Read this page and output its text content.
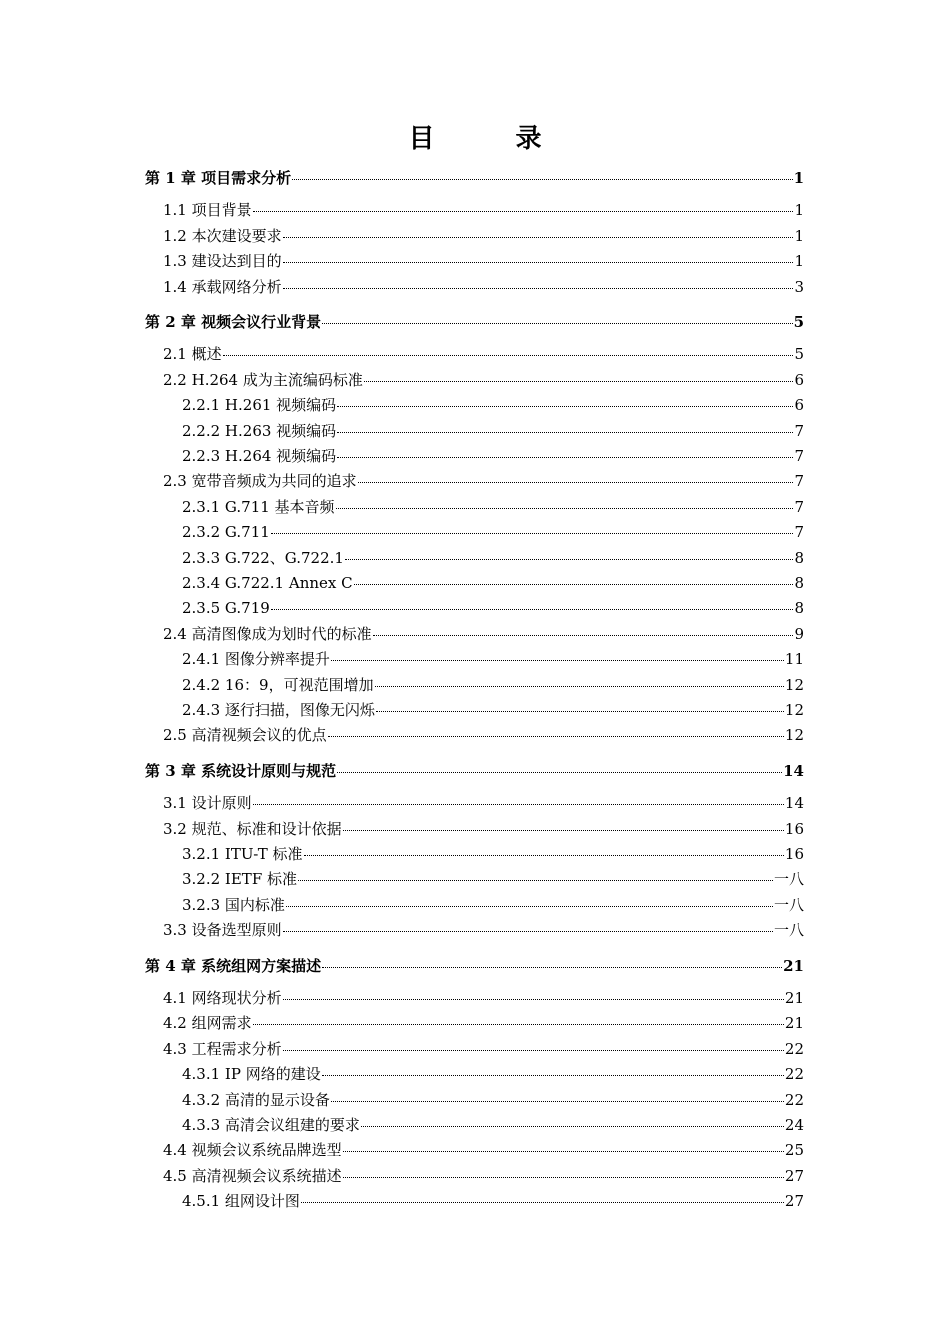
目 录
第 1 章 项目需求分析	1
1.1 项目背景	1
1.2 本次建设要求	1
1.3 建设达到目的	1
1.4 承载网络分析	3
第 2 章 视频会议行业背景	5
2.1 概述	5
2.2 H.264 成为主流编码标准	6
2.2.1 H.261 视频编码	6
2.2.2 H.263 视频编码	7
2.2.3 H.264 视频编码	7
2.3 宽带音频成为共同的追求	7
2.3.1 G.711 基本音频	7
2.3.2 G.711	7
2.3.3 G.722、G.722.1	8
2.3.4 G.722.1 Annex C	8
2.3.5 G.719	8
2.4 高清图像成为划时代的标准	9
2.4.1 图像分辨率提升	11
2.4.2 16：9，可视范围增加	12
2.4.3 逐行扫描，图像无闪烁	12
2.5 高清视频会议的优点	12
第 3 章 系统设计原则与规范	14
3.1 设计原则	14
3.2 规范、标准和设计依据	16
3.2.1 ITU-T 标准	16
3.2.2 IETF 标准	一八
3.2.3 国内标准	一八
3.3 设备选型原则	一八
第 4 章 系统组网方案描述	21
4.1 网络现状分析	21
4.2 组网需求	21
4.3 工程需求分析	22
4.3.1 IP 网络的建设	22
4.3.2 高清的显示设备	22
4.3.3 高清会议组建的要求	24
4.4 视频会议系统品牌选型	25
4.5 高清视频会议系统描述	27
4.5.1 组网设计图	27
